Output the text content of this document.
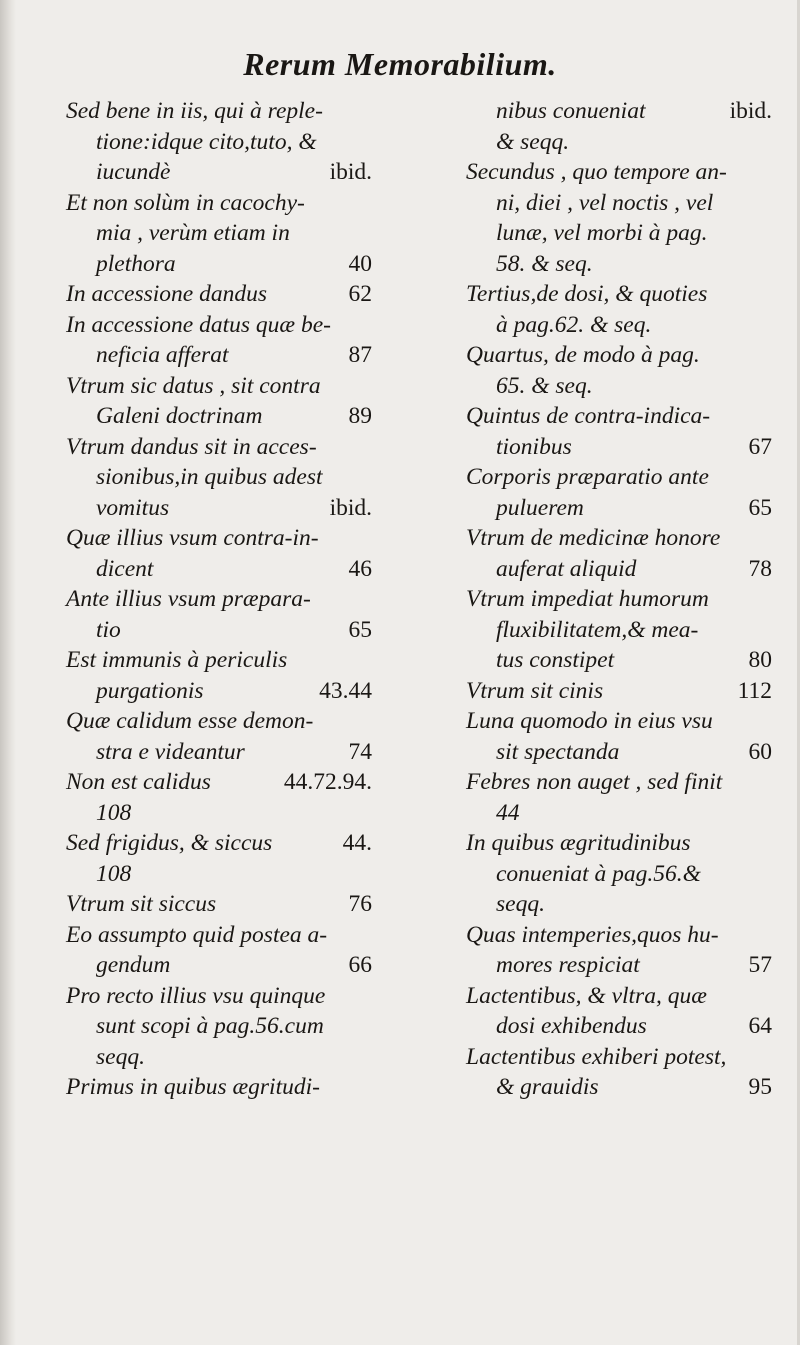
Rerum Memorabilium.
Sed bene in iis, qui à reple-
tione:idque cito,tuto, &
iucundè	ibid.
Et non solùm in cacochy-
mia , verùm etiam in
plethora	40
In accessione dandus	62
In accessione datus quæ be-
neficia afferat	87
Vtrum sic datus , sit contra
Galeni doctrinam	89
Vtrum dandus sit in acces-
sionibus,in quibus adest
vomitus	ibid.
Quæ illius vsum contra-in-
dicent	46
Ante illius vsum præpara-
tio	65
Est immunis à periculis
purgationis	43.44
Quæ calidum esse demon-
stra e videantur	74
Non est calidus	44.72.94.
108
Sed frigidus, & siccus	44.
108
Vtrum sit siccus	76
Eo assumpto quid postea a-
gendum	66
Pro recto illius vsu quinque
sunt scopi à pag.56.cum
seqq.
Primus in quibus ægritudi-
nibus conueniat	ibid.
& seqq.
Secundus , quo tempore an-
ni, diei , vel noctis , vel
lunæ, vel morbi à pag.
58. & seq.
Tertius,de dosi, & quoties
à pag.62. & seq.
Quartus, de modo à pag.
65. & seq.
Quintus de contra-indica-
tionibus	67
Corporis præparatio ante
puluerem	65
Vtrum de medicinæ honore
auferat aliquid	78
Vtrum impediat humorum
fluxibilitatem,& mea-
tus constipet	80
Vtrum sit cinis	112
Luna quomodo in eius vsu
sit spectanda	60
Febres non auget , sed finit
44
In quibus ægritudinibus
conueniat à pag.56.&
seqq.
Quas intemperies,quos hu-
mores respiciat	57
Lactentibus, & vltra, quæ
dosi exhibendus	64
Lactentibus exhiberi potest,
& grauidis	95
